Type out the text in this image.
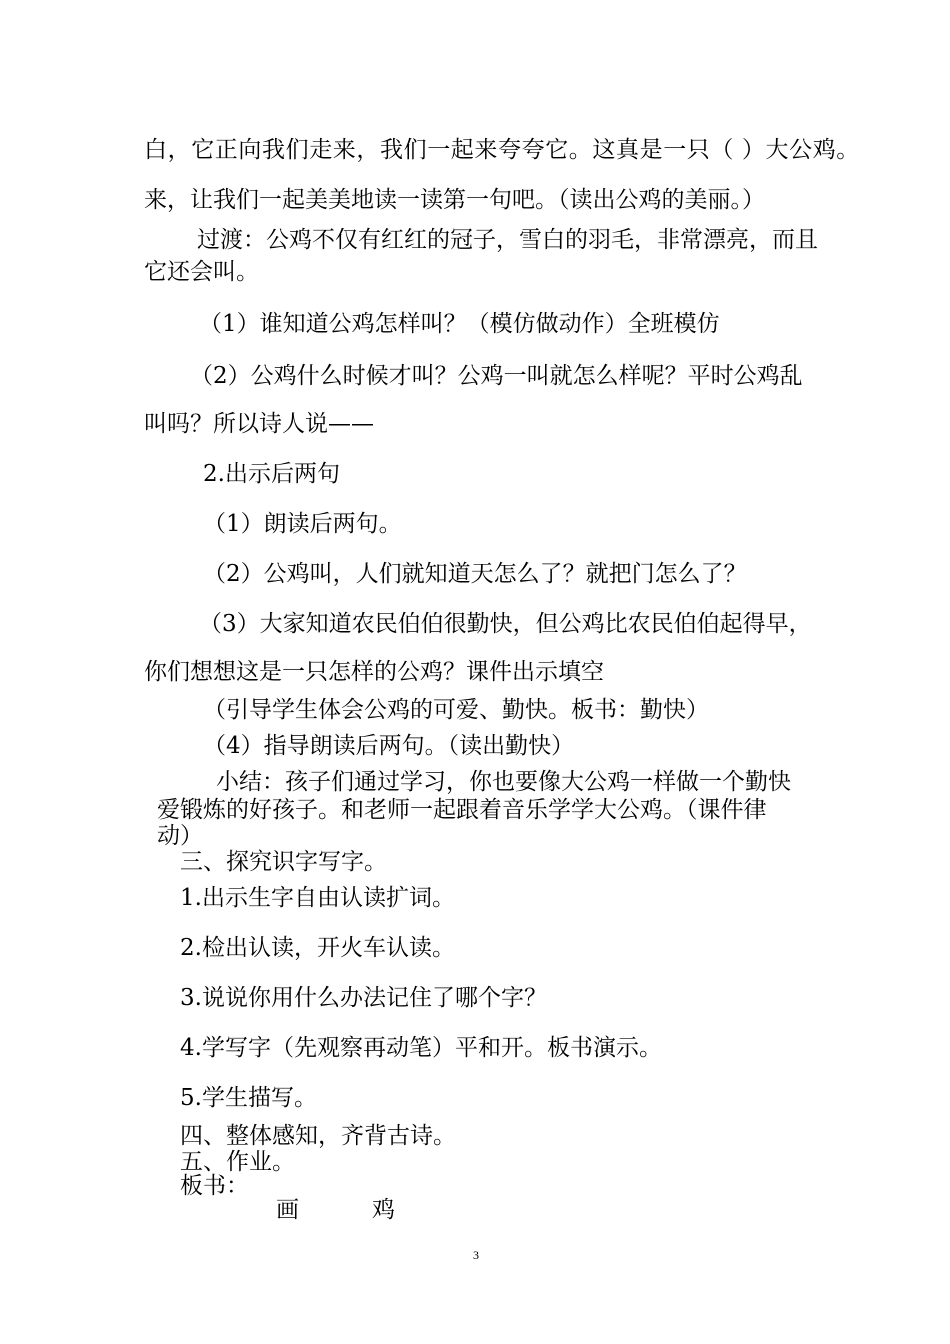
白，它正向我们走来，我们一起来夸夸它。这真是一只（ ）大公鸡。

来，让我们一起美美地读一读第一句吧。（读出公鸡的美丽。）

过渡：公鸡不仅有红红的冠子，雪白的羽毛，非常漂亮，而且

它还会叫。

（1）谁知道公鸡怎样叫？（模仿做动作）全班模仿

（2）公鸡什么时候才叫？公鸡一叫就怎么样呢？平时公鸡乱

叫吗？所以诗人说——

2.出示后两句

（1）朗读后两句。

（2）公鸡叫，人们就知道天怎么了？就把门怎么了？

（3）大家知道农民伯伯很勤快，但公鸡比农民伯伯起得早，

你们想想这是一只怎样的公鸡？课件出示填空

（引导学生体会公鸡的可爱、勤快。板书：勤快）

（4）指导朗读后两句。（读出勤快）

小结：孩子们通过学习，你也要像大公鸡一样做一个勤快

爱锻炼的好孩子。和老师一起跟着音乐学学大公鸡。（课件律

动）

三、探究识字写字。

1.出示生字自由认读扩词。

2.检出认读，开火车认读。

3.说说你用什么办法记住了哪个字？

4.学写字（先观察再动笔）平和开。板书演示。

5.学生描写。

四、整体感知，齐背古诗。

五、作业。

板书：

画	鸡

3
